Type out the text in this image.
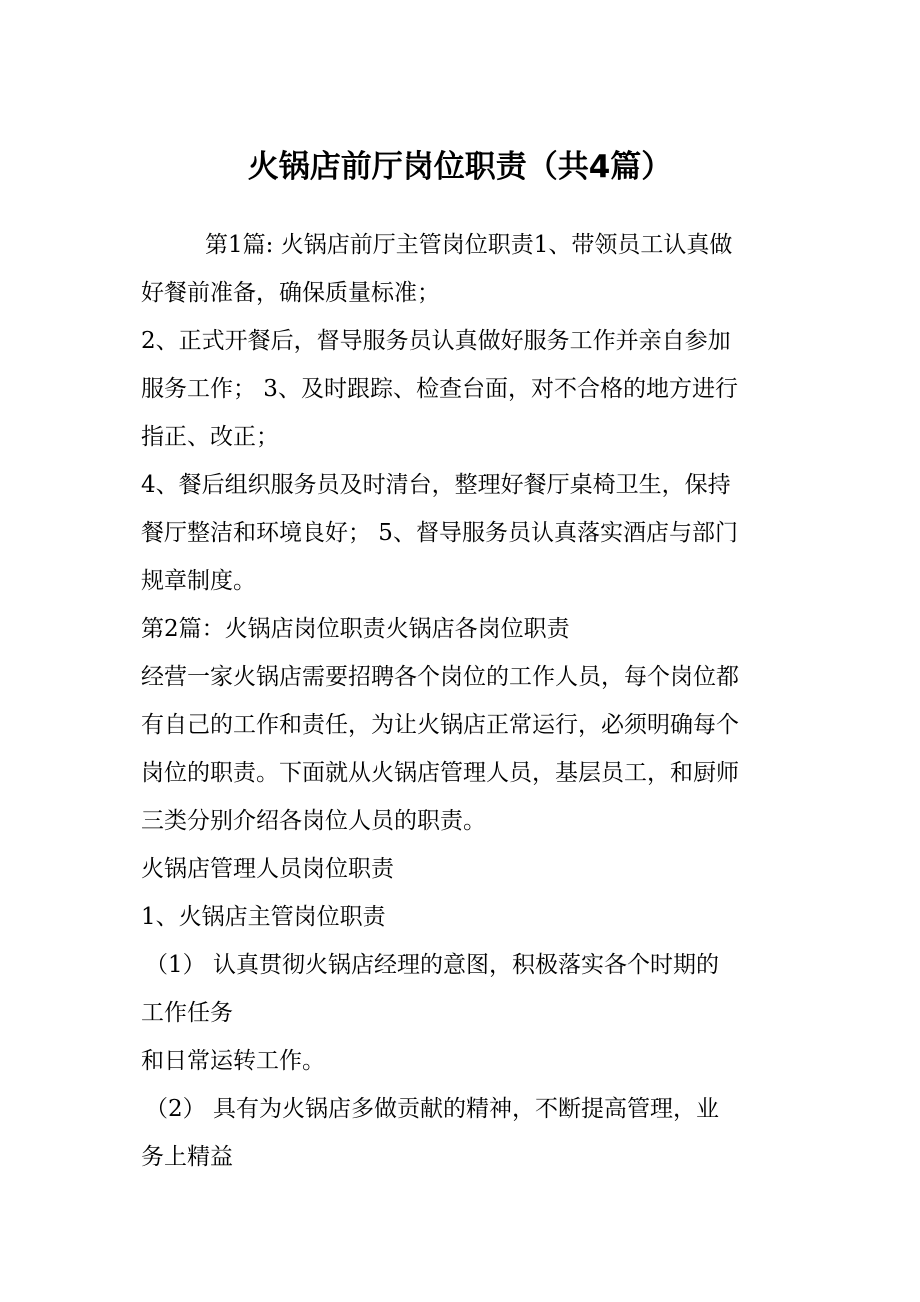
火锅店前厅岗位职责（共4篇）
第1篇: 火锅店前厅主管岗位职责1、带领员工认真做
好餐前准备，确保质量标准；
2、正式开餐后，督导服务员认真做好服务工作并亲自参加
服务工作； 3、及时跟踪、检查台面，对不合格的地方进行
指正、改正；
4、餐后组织服务员及时清台，整理好餐厅桌椅卫生，保持
餐厅整洁和环境良好； 5、督导服务员认真落实酒店与部门
规章制度。
第2篇：火锅店岗位职责火锅店各岗位职责
经营一家火锅店需要招聘各个岗位的工作人员，每个岗位都
有自己的工作和责任，为让火锅店正常运行，必须明确每个
岗位的职责。下面就从火锅店管理人员，基层员工，和厨师
三类分别介绍各岗位人员的职责。
火锅店管理人员岗位职责
1、火锅店主管岗位职责
（1） 认真贯彻火锅店经理的意图，积极落实各个时期的
工作任务
和日常运转工作。
（2） 具有为火锅店多做贡献的精神，不断提高管理，业
务上精益
